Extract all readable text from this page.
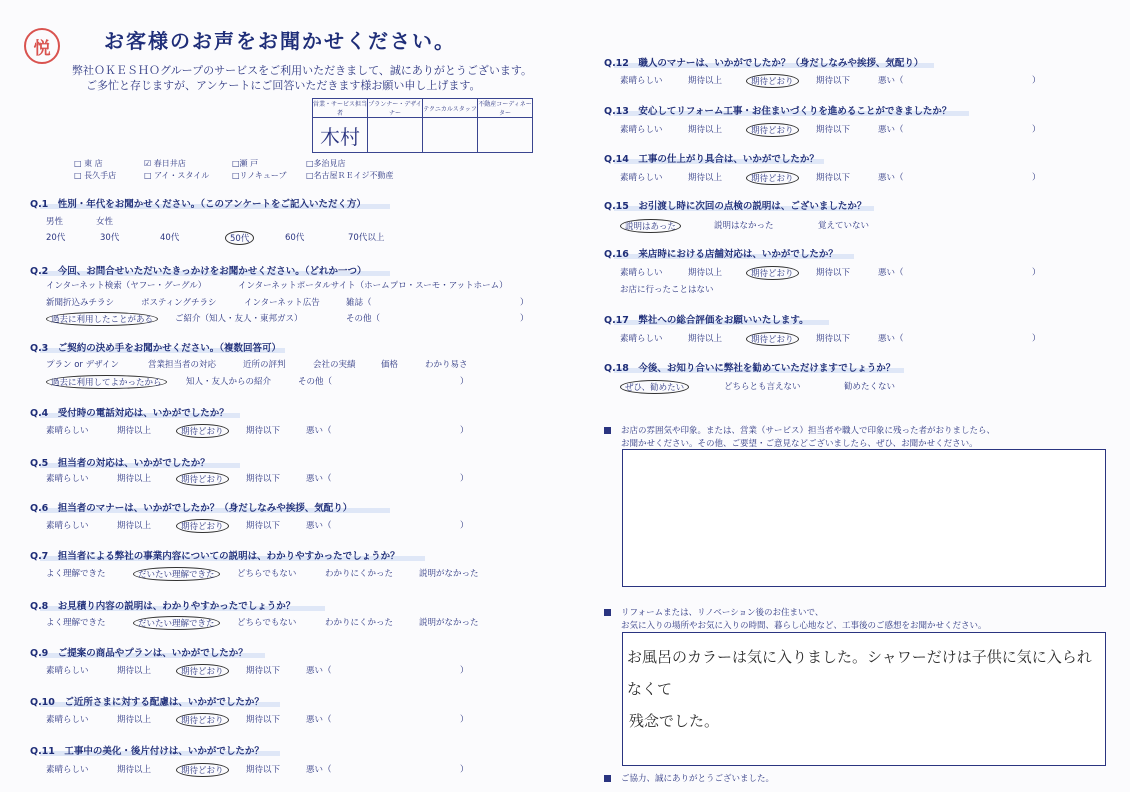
悦	お客様のお声をお聞かせください。
弊社ＯＫＥＳＨＯグループのサービスをご利用いただきまして、誠にありがとうございます。
ご多忙と存じますが、アンケートにご回答いただきます様お願い申し上げます。
営業・サービス担当者	プランナー・デザイナー	テクニカルスタッフ	不動産コーディネーター
木村			
□ 東 店	☑ 春日井店	□瀬 戸	□多治見店
□ 長久手店	□ アイ・スタイル	□リノキューブ □名古屋ＲＥイジ不動産
Q.1　性別・年代をお聞かせください。（このアンケートをご記入いただく方）
男性	女性
20代	30代	40代	50代	60代	70代以上
Q.2　今回、お問合せいただいたきっかけをお聞かせください。（どれか一つ）
インターネット検索（ヤフー・グーグル）	インターネットポータルサイト（ホームプロ・スーモ・アットホーム）
新聞折込みチラシ	ポスティングチラシ	インターネット広告	雑誌（	）
過去に利用したことがある	ご紹介（知人・友人・東邦ガス）	その他（	）
Q.3　ご契約の決め手をお聞かせください。（複数回答可）
プラン or デザイン	営業担当者の対応	近所の評判	会社の実績	価格	わかり易さ
過去に利用してよかったから	知人・友人からの紹介	その他（	）
Q.4　受付時の電話対応は、いかがでしたか？
素晴らしい	期待以上	期待どおり	期待以下	悪い（	）
Q.5　担当者の対応は、いかがでしたか？
素晴らしい	期待以上	期待どおり	期待以下	悪い（	）
Q.6　担当者のマナーは、いかがでしたか？（身だしなみや挨拶、気配り）
素晴らしい	期待以上	期待どおり	期待以下	悪い（	）
Q.7　担当者による弊社の事業内容についての説明は、わかりやすかったでしょうか？
よく理解できた	だいたい理解できた	どちらでもない	わかりにくかった	説明がなかった
Q.8　お見積り内容の説明は、わかりやすかったでしょうか？
よく理解できた	だいたい理解できた	どちらでもない	わかりにくかった	説明がなかった
Q.9　ご提案の商品やプランは、いかがでしたか？
素晴らしい	期待以上	期待どおり	期待以下	悪い（	）
Q.10　ご近所さまに対する配慮は、いかがでしたか？
素晴らしい	期待以上	期待どおり	期待以下	悪い（	）
Q.11　工事中の美化・後片付けは、いかがでしたか？
素晴らしい	期待以上	期待どおり	期待以下	悪い（	）
Q.12　職人のマナーは、いかがでしたか？（身だしなみや挨拶、気配り）
素晴らしい	期待以上	期待どおり	期待以下	悪い（	）
Q.13　安心してリフォーム工事・お住まいづくりを進めることができましたか？
素晴らしい	期待以上	期待どおり	期待以下	悪い（	）
Q.14　工事の仕上がり具合は、いかがでしたか？
素晴らしい	期待以上	期待どおり	期待以下	悪い（	）
Q.15　お引渡し時に次回の点検の説明は、ございましたか？
説明はあった	説明はなかった	覚えていない
Q.16　来店時における店舗対応は、いかがでしたか？
素晴らしい	期待以上	期待どおり	期待以下	悪い（	）
お店に行ったことはない
Q.17　弊社への総合評価をお願いいたします。
素晴らしい	期待以上	期待どおり	期待以下	悪い（	）
Q.18　今後、お知り合いに弊社を勧めていただけますでしょうか？
ぜひ、勧めたい	どちらとも言えない	勧めたくない
お店の雰囲気や印象。または、営業（サービス）担当者や職人で印象に残った者がおりましたら、
お聞かせください。その他、ご要望・ご意見などございましたら、ぜひ、お聞かせください。
リフォームまたは、リノベーション後のお住まいで、
お気に入りの場所やお気に入りの時間、暮らし心地など、工事後のご感想をお聞かせください。
お風呂のカラーは気に入りました。シャワーだけは子供に気に入られなくて
残念でした。
ご協力、誠にありがとうございました。
